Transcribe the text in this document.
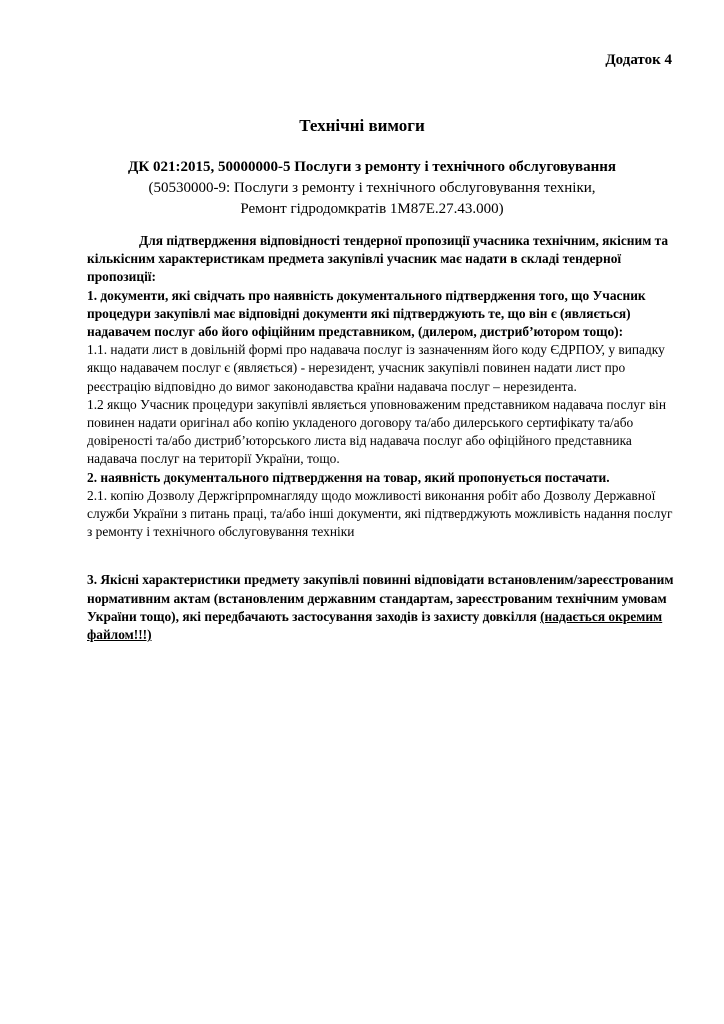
Додаток 4
Технічні вимоги
ДК 021:2015, 50000000-5 Послуги з ремонту і технічного обслуговування
(50530000-9: Послуги з ремонту і технічного обслуговування техніки,
Ремонт гідродомкратів 1М87Е.27.43.000)

Для підтвердження відповідності тендерної пропозиції учасника технічним, якісним та кількісним характеристикам предмета закупівлі учасник має надати в складі тендерної пропозиції:

1. документи, які свідчать про наявність документального підтвердження того, що Учасник процедури закупівлі має відповідні документи які підтверджують те, що він є (являється) надавачем послуг або його офіційним представником, (дилером, дистриб’ютором тощо):

1.1. надати лист в довільній формі про надавача послуг із зазначенням його коду ЄДРПОУ, у випадку якщо надавачем послуг є (являється) - нерезидент, учасник закупівлі повинен надати лист про реєстрацію відповідно до вимог законодавства країни надавача послуг – нерезидента.

1.2 якщо Учасник процедури закупівлі являється уповноваженим представником надавача послуг він повинен надати оригінал або копію укладеного договору та/або дилерського сертифікату та/або довіреності та/або дистриб’юторського листа від надавача послуг або офіційного представника надавача послуг на території України, тощо.

2. наявність документального підтвердження на товар, який пропонується постачати.

2.1. копію Дозволу Держгірпромнагляду щодо можливості виконання робіт або Дозволу Державної служби України з питань праці, та/або інші документи, які підтверджують можливість надання послуг з ремонту і технічного обслуговування техніки

3. Якісні характеристики предмету закупівлі повинні відповідати встановленим/зареєстрованим нормативним актам (встановленим державним стандартам, зареєстрованим технічним умовам України тощо), які передбачають застосування заходів із захисту довкілля (надається окремим файлом!!!)
